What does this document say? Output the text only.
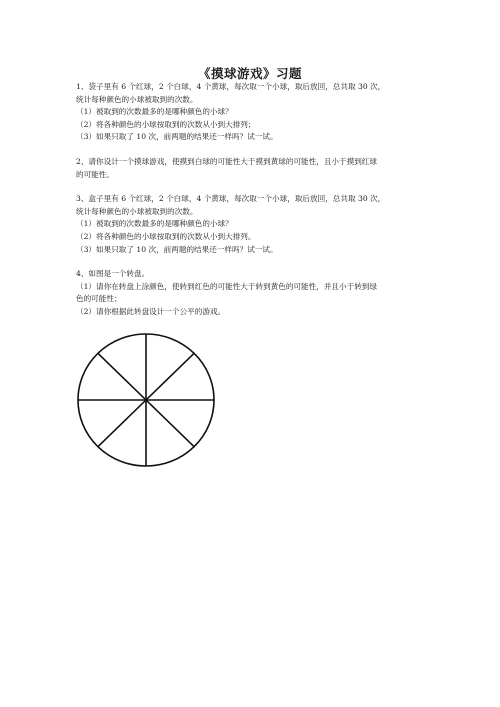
《摸球游戏》习题
1、袋子里有 6 个红球，2 个白球，4 个黄球，每次取一个小球，取后放回，总共取 30 次，
统计每种颜色的小球被取到的次数。
（1）被取到的次数最多的是哪种颜色的小球？
（2）将各种颜色的小球按取到的次数从小到大排列；
（3）如果只取了 10 次，前两题的结果还一样吗？试一试。
2、请你设计一个摸球游戏，使摸到白球的可能性大于摸到黄球的可能性，且小于摸到红球
的可能性。
3、盒子里有 6 个红球，2 个白球，4 个黄球，每次取一个小球，取后放回，总共取 30 次，
统计每种颜色的小球被取到的次数。
（1）被取到的次数最多的是哪种颜色的小球？
（2）将各种颜色的小球按取到的次数从小到大排列。
（3）如果只取了 10 次，前两题的结果还一样吗？试一试。
4、如图是一个转盘。
（1）请你在转盘上涂颜色，使转到红色的可能性大于转到黄色的可能性，并且小于转到绿
色的可能性；
（2）请你根据此转盘设计一个公平的游戏。
